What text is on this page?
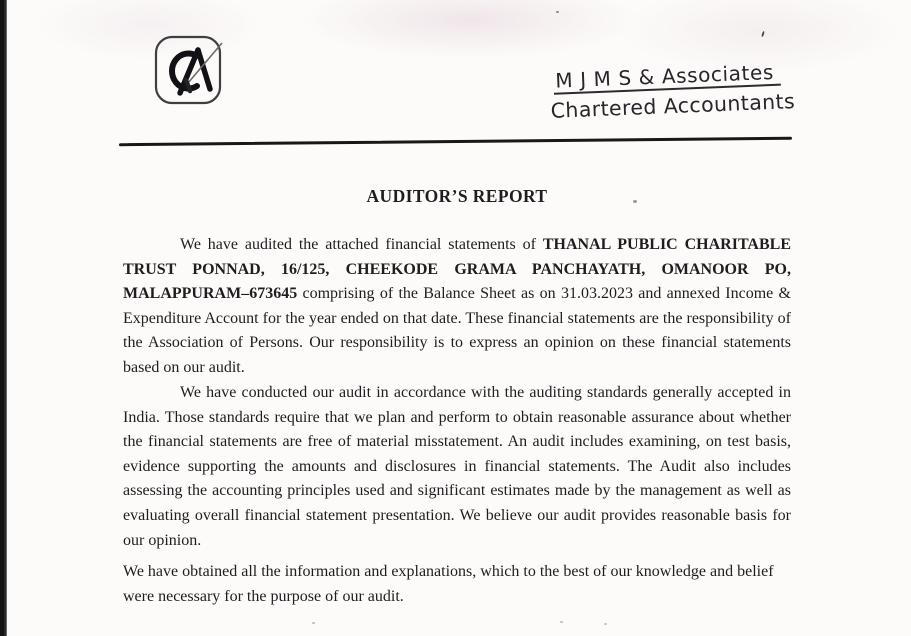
M J M S & Associates
Chartered Accountants
AUDITOR’S REPORT

We have audited the attached financial statements of THANAL PUBLIC CHARITABLE TRUST PONNAD, 16/125, CHEEKODE GRAMA PANCHAYATH, OMANOOR PO, MALAPPURAM–673645 comprising of the Balance Sheet as on 31.03.2023 and annexed Income & Expenditure Account for the year ended on that date. These financial statements are the responsibility of the Association of Persons. Our responsibility is to express an opinion on these financial statements based on our audit.

We have conducted our audit in accordance with the auditing standards generally accepted in India. Those standards require that we plan and perform to obtain reasonable assurance about whether the financial statements are free of material misstatement. An audit includes examining, on test basis, evidence supporting the amounts and disclosures in financial statements. The Audit also includes assessing the accounting principles used and significant estimates made by the management as well as evaluating overall financial statement presentation. We believe our audit provides reasonable basis for our opinion.

We have obtained all the information and explanations, which to the best of our knowledge and belief were necessary for the purpose of our audit.
